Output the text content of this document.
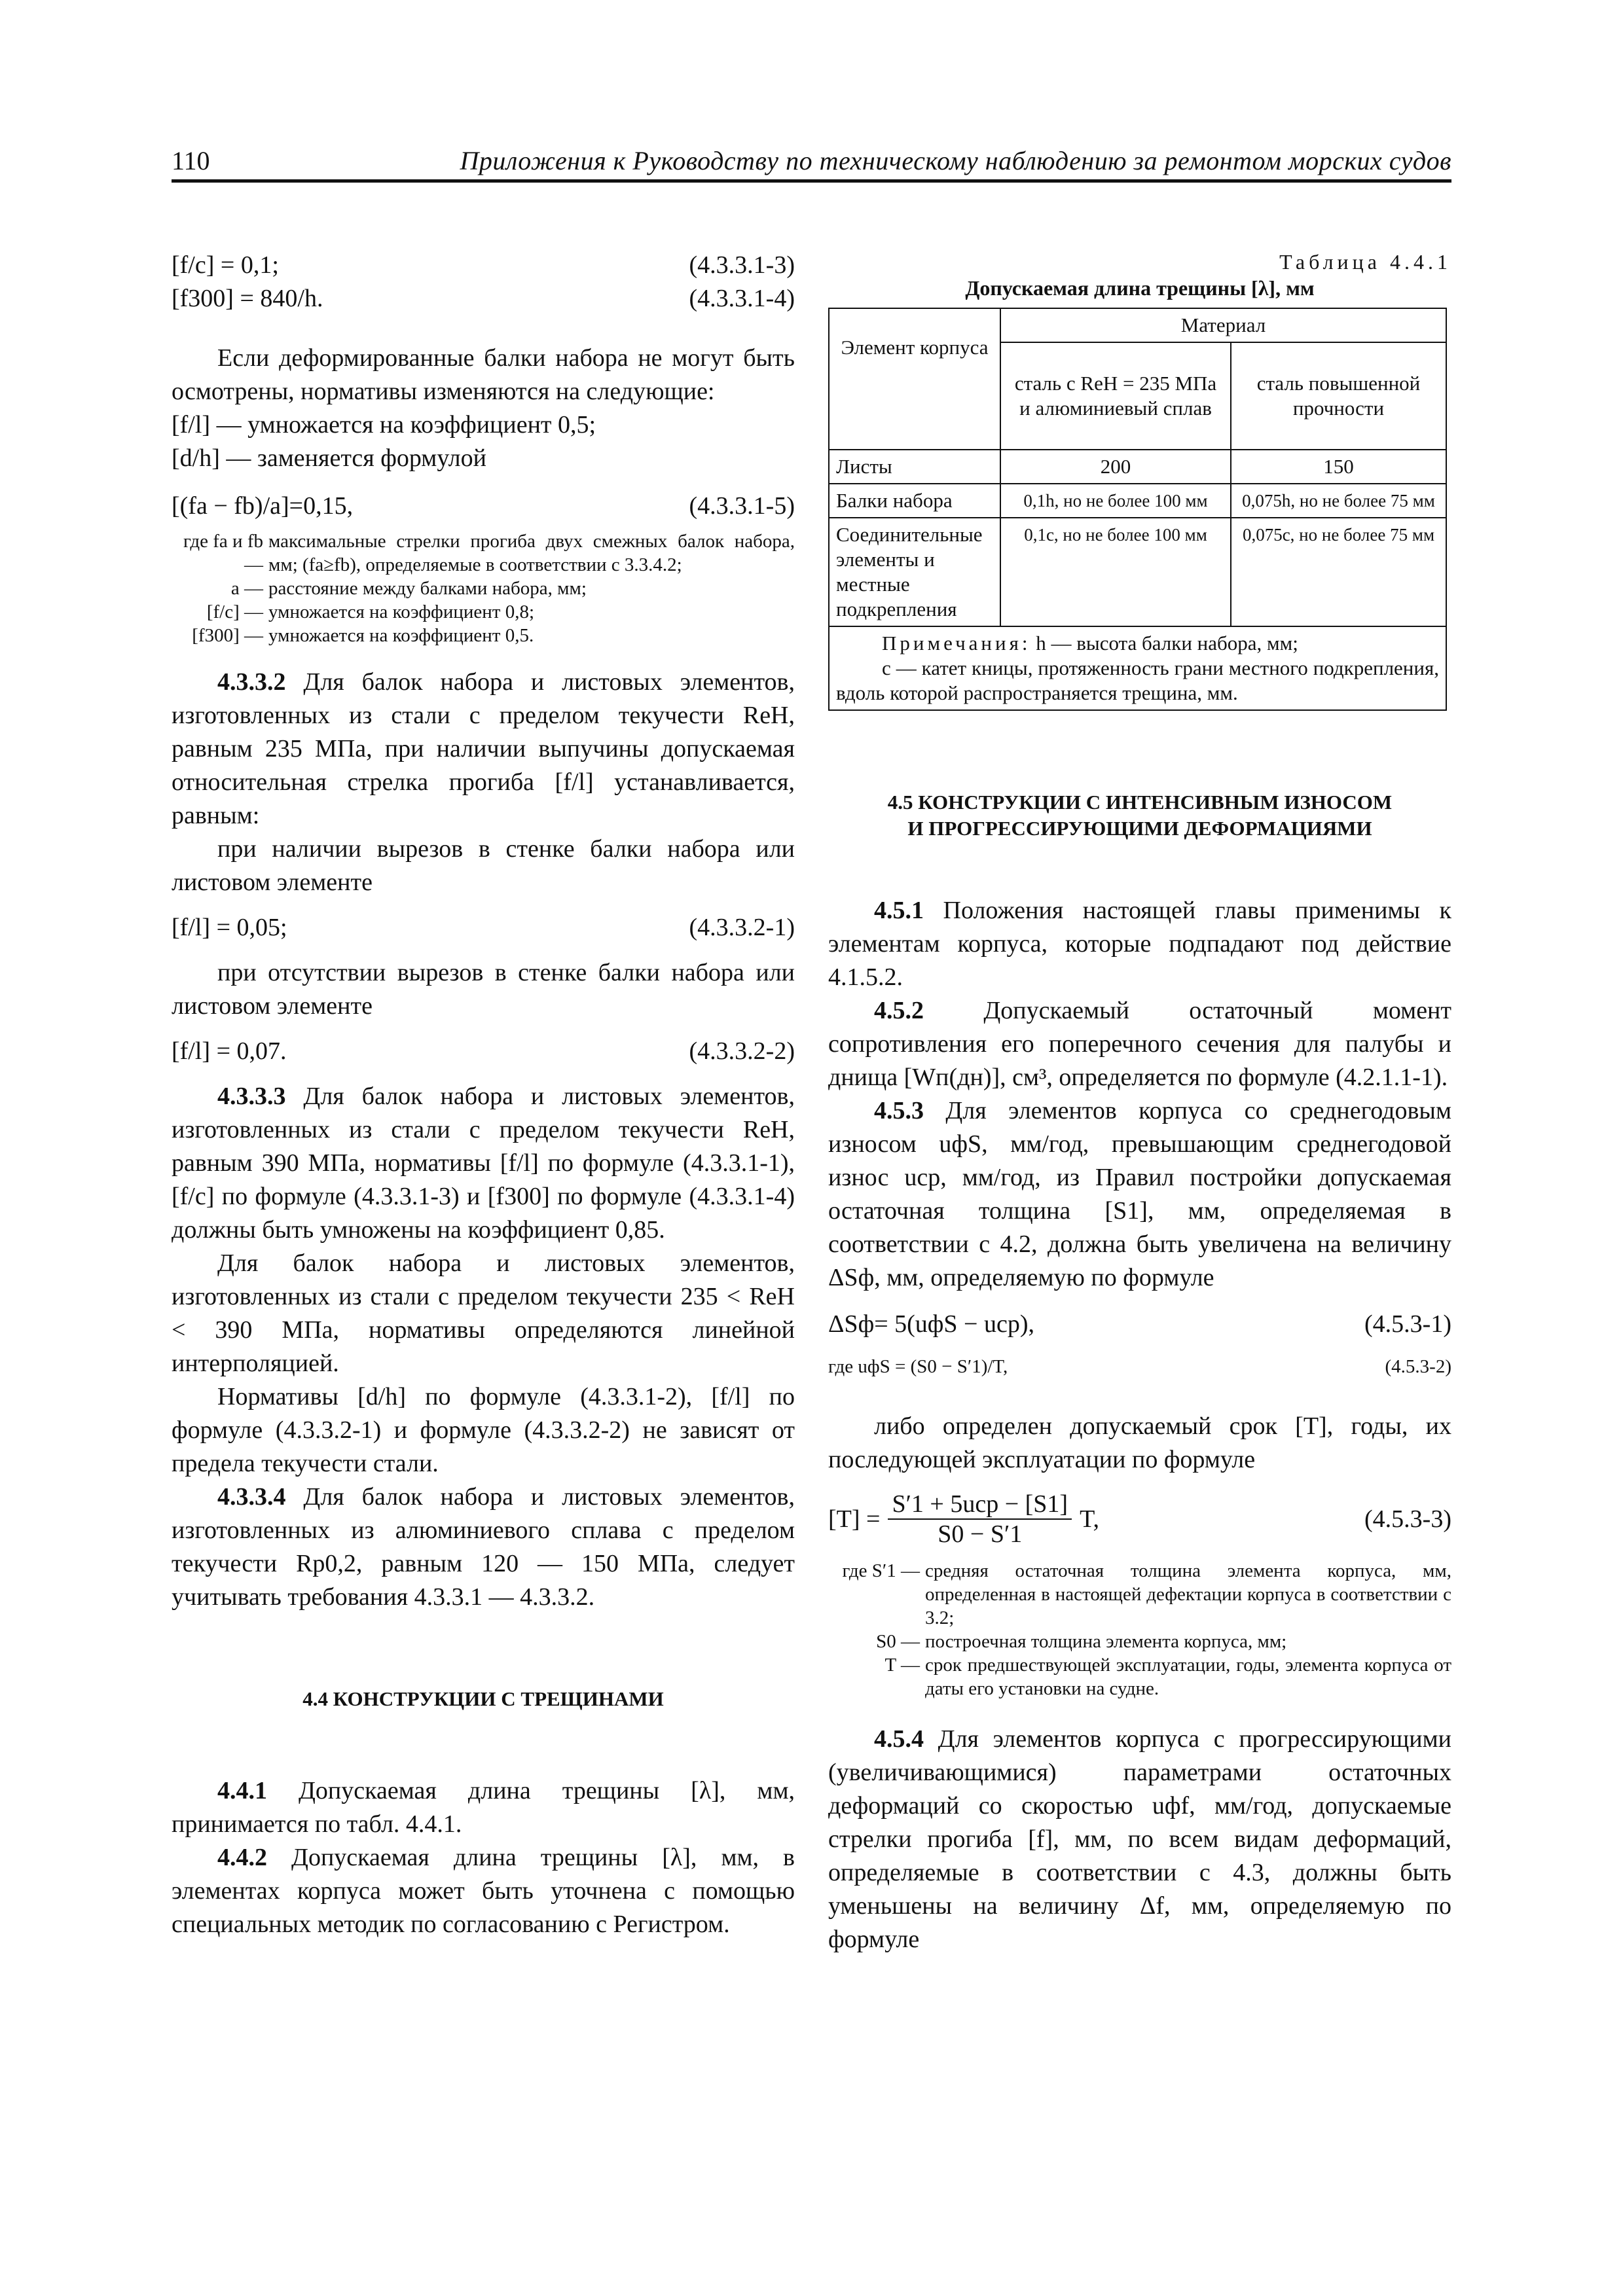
110	Приложения к Руководству по техническому наблюдению за ремонтом морских судов
[f/c] = 0,1;	(4.3.3.1-3)
[f300] = 840/h.	(4.3.3.1-4)

Если деформированные балки набора не могут быть осмотрены, нормативы изменяются на следующие:

[f/l] — умножается на коэффициент 0,5;

[d/h] — заменяется формулой

[(fa − fb)/a]=0,15,	(4.3.3.1-5)
где fa и fb —
максимальные стрелки прогиба двух смежных балок набора, мм; (fa≥fb), определяемые в соответствии с 3.3.4.2;
a — расстояние между балками набора, мм;
[f/c] — умножается на коэффициент 0,8;
[f300] — умножается на коэффициент 0,5.

4.3.3.2 Для балок набора и листовых элементов, изготовленных из стали с пределом текучести ReH, равным 235 МПа, при наличии выпучины допускаемая относительная стрелка прогиба [f/l] устанавливается, равным:

при наличии вырезов в стенке балки набора или листовом элементе

[f/l] = 0,05;	(4.3.3.2-1)

при отсутствии вырезов в стенке балки набора или листовом элементе

[f/l] = 0,07.	(4.3.3.2-2)

4.3.3.3 Для балок набора и листовых элементов, изготовленных из стали с пределом текучести ReH, равным 390 МПа, нормативы [f/l] по формуле (4.3.3.1-1), [f/c] по формуле (4.3.3.1-3) и [f300] по формуле (4.3.3.1-4) должны быть умножены на коэффициент 0,85.

Для балок набора и листовых элементов, изготовленных из стали с пределом текучести 235 < ReH < 390 МПа, нормативы определяются линейной интерполяцией.

Нормативы [d/h] по формуле (4.3.3.1-2), [f/l] по формуле (4.3.3.2-1) и формуле (4.3.3.2-2) не зависят от предела текучести стали.

4.3.3.4 Для балок набора и листовых элементов, изготовленных из алюминиевого сплава с пределом текучести Rp0,2, равным 120 — 150 МПа, следует учитывать требования 4.3.3.1 — 4.3.3.2.

4.4 КОНСТРУКЦИИ С ТРЕЩИНАМИ

4.4.1 Допускаемая длина трещины [λ], мм, принимается по табл. 4.4.1.

4.4.2 Допускаемая длина трещины [λ], мм, в элементах корпуса может быть уточнена с помощью специальных методик по согласованию с Регистром.

Таблица 4.4.1

Допускаемая длина трещины [λ], мм

Элемент корпуса	Материал	
	сталь с ReH = 235 МПа и алюминиевый сплав	сталь повышенной прочности
Листы	200	150
Балки набора	0,1h, но не более 100 мм	0,075h, но не более 75 мм
Соединительные элементы и местные подкрепления	0,1c, но не более 100 мм	0,075c, но не более 75 мм

Примечания: h — высота балки набора, мм;
c — катет кницы, протяженность грани местного подкрепления, вдоль которой распространяется трещина, мм.		

4.5 КОНСТРУКЦИИ С ИНТЕНСИВНЫМ ИЗНОСОМ

И ПРОГРЕССИРУЮЩИМИ ДЕФОРМАЦИЯМИ

4.5.1 Положения настоящей главы применимы к элементам корпуса, которые подпадают под действие 4.1.5.2.

4.5.2 Допускаемый остаточный момент сопротивления его поперечного сечения для палубы и днища [Wп(дн)], см³, определяется по формуле (4.2.1.1-1).

4.5.3 Для элементов корпуса со среднегодовым износом uфS, мм/год, превышающим среднегодовой износ uср, мм/год, из Правил постройки допускаемая остаточная толщина [S1], мм, определяемая в соответствии с 4.2, должна быть увеличена на величину ΔSф, мм, определяемую по формуле

ΔSф= 5(uфS − uср),	(4.5.3-1)
где uфS = (S0 − S′1)/T,	(4.5.3-2)

либо определен допускаемый срок [T], годы, их последующей эксплуатации по формуле

[T] =
S′1 + 5uср − [S1]
S0 − S′1
T,	(4.5.3-3)
где S′1 — средняя остаточная толщина элемента корпуса, мм, определенная в настоящей дефектации корпуса в соответствии с 3.2;
S0 — построечная толщина элемента корпуса, мм;
T — срок предшествующей эксплуатации, годы, элемента корпуса от даты его установки на судне.

4.5.4 Для элементов корпуса с прогрессирующими (увеличивающимися) параметрами остаточных деформаций со скоростью uфf, мм/год, допускаемые стрелки прогиба [f], мм, по всем видам деформаций, определяемые в соответствии с 4.3, должны быть уменьшены на величину Δf, мм, определяемую по формуле
